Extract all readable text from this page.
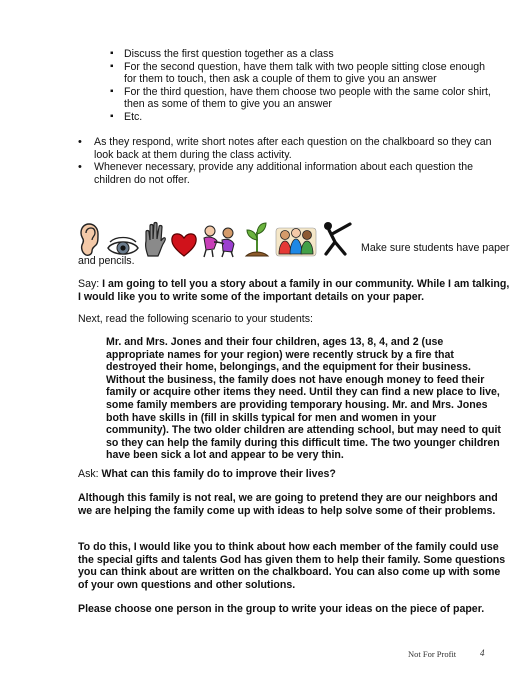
▪ Discuss the first question together as a class
▪ For the second question, have them talk with two people sitting close enough for them to touch, then ask a couple of them to give you an answer
▪ For the third question, have them choose two people with the same color shirt, then as some of them to give you an answer
▪ Etc.
• As they respond, write short notes after each question on the chalkboard so they can look back at them during the class activity.
• Whenever necessary, provide any additional information about each question the children do not offer.

Make sure students have paper and pencils.

Say: I am going to tell you a story about a family in our community. While I am talking, I would like you to write some of the important details on your paper.

Next, read the following scenario to your students:

Mr. and Mrs. Jones and their four children, ages 13, 8, 4, and 2 (use appropriate names for your region) were recently struck by a fire that destroyed their home, belongings, and the equipment for their business. Without the business, the family does not have enough money to feed their family or acquire other items they need. Until they can find a new place to live, some family members are providing temporary housing. Mr. and Mrs. Jones both have skills in (fill in skills typical for men and women in your community). The two older children are attending school, but may need to quit so they can help the family during this difficult time. The two younger children have been sick a lot and appear to be very thin.

Ask: What can this family do to improve their lives?

Although this family is not real, we are going to pretend they are our neighbors and we are helping the family come up with ideas to help solve some of their problems.

To do this, I would like you to think about how each member of the family could use the special gifts and talents God has given them to help their family. Some questions you can think about are written on the chalkboard. You can also come up with some of your own questions and other solutions.

Please choose one person in the group to write your ideas on the piece of paper.

Not For Profit	4
